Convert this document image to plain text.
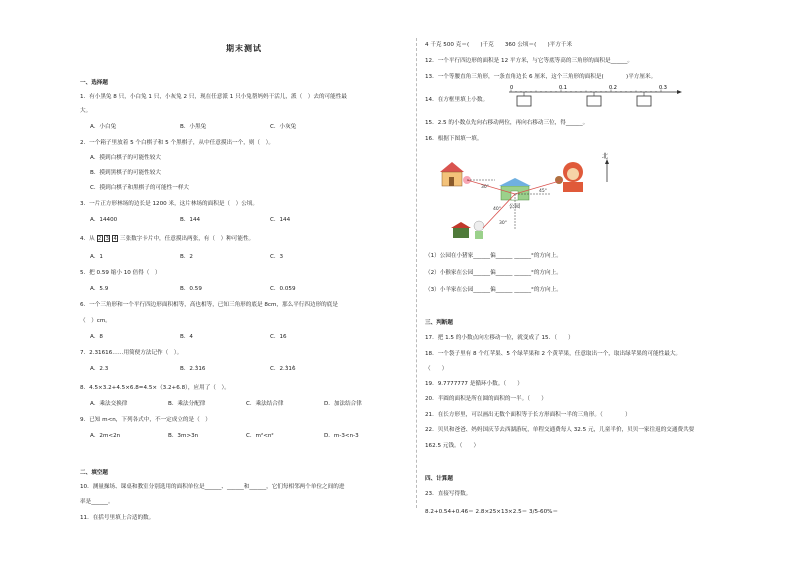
期末测试
一、选择题
1．有小黑兔 8 只，小白兔 1 只，小灰兔 2 只，现在任意派 1 只小兔帮妈妈干活儿，派（　）去的可能性最
大。
A．小白兔	B．小黑兔	C．小灰兔
2．一个箱子里放着 5 个白棋子和 5 个黑棋子，从中任意摸出一个，则（　）。
A．摸到白棋子的可能性较大
B．摸到黑棋子的可能性较大
C．摸到白棋子和黑棋子的可能性一样大
3．一片正方形林场的边长是 1200 米，这片林场的面积是（　）公顷。
A．14400	B．144	C．144
4．从 2 3 4 三张数字卡片中，任意摸出两张，有（　）种可能性。
A．1	B．2	C．3
5．把 0.59 缩小 10 倍得（　）
A．5.9	B．0.59	C．0.059
6．一个三角形和一个平行四边形面积相等，高也相等，已知三角形的底是 8cm，那么平行四边形的底是
（　）cm。
A．8	B．4	C．16
7．2.31616……用简便方法记作（　）。
A．2.3	B．2.3̇16	C．2.3̇16̇
8．4.5×3.2+4.5×6.8=4.5×（3.2+6.8），应用了（　）。
A．乘法交换律	B．乘法分配律	C．乘法结合律	D．加法结合律
9．已知 m<n，下列各式中，不一定成立的是（　）
A．2m<2n	B．3m>3n	C．m²<n²	D．m-3<n-3
二、填空题
10．测量操场、课桌和教室分别选用的面积单位是______、______和______，它们每相邻两个单位之间的进
率是______。
11．在括号里填上合适的数。
4 千克 500 克＝(　　)千克　　360 公顷＝(　　)平方千米
12．一个平行四边形的面积是 12 平方米，与它等底等高的三角形的面积是______。
13．一个等腰直角三角形，一条直角边长 6 厘米，这个三角形的面积是(　　　　)平方厘米。
14．在方框里填上小数。
0	0.1	0.2	0.3
15．2.5 的小数点先向右移动两位，再向右移动三位，得______。
16．根据下图填一填。
北
公园
30°
45°
40°
30°
（1）公园在小猪家______偏______ ______°的方向上。
（2）小猴家在公园______偏______ ______°的方向上。
（3）小羊家在公园______偏______ ______°的方向上。
三、判断题
17．把 1.5 的小数点向左移动一位，就变成了 15．（　　）
18．一个袋子里有 8 个红苹果、5 个绿苹果和 2 个黄苹果，任意取出一个，取出绿苹果的可能性最大。
（　　）
19．9.7777777 是循环小数。（　　）
20．半圆的面积是所在圆的面积的一半。（　　）
21．在长方形里，可以画出无数个面积等于长方形面积一半的三角形。（　　　　）
22．贝贝和爸爸、妈妈国庆节去西湖游玩，单程交通费每人 32.5 元，儿童半价，贝贝一家往返的交通费共要
162.5 元钱。（　　）
四、计算题
23．直接写得数。
8.2+0.54+0.46＝ 2.8×25×13×2.5＝ 3/5-60%＝
